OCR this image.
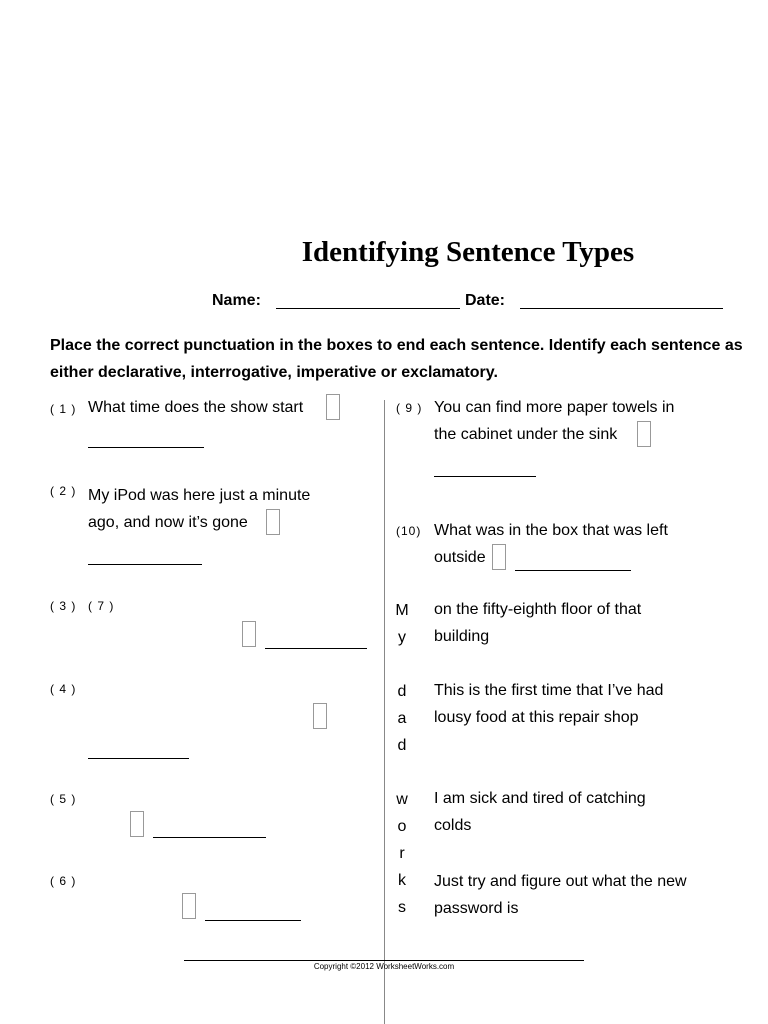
Identifying Sentence Types
Name:	Date:
Place the correct punctuation in the boxes to end each sentence. Identify each sentence as either declarative, interrogative, imperative or exclamatory.
( 1 ) What time does the show start
( 2 ) My iPod was here just a minute
ago, and now it’s gone
( 3 ) ( 7 )
( 4 )
( 5 )
( 6 )
M
y
d
a
d
w
o
r
k
s
( 9 ) You can find more paper towels in
the cabinet under the sink
(10) What was in the box that was left
outside
on the fifty-eighth floor of that
building
This is the first time that I’ve had
lousy food at this repair shop
I am sick and tired of catching
colds
Just try and figure out what the new
password is
Copyright ©2012 WorksheetWorks.com
